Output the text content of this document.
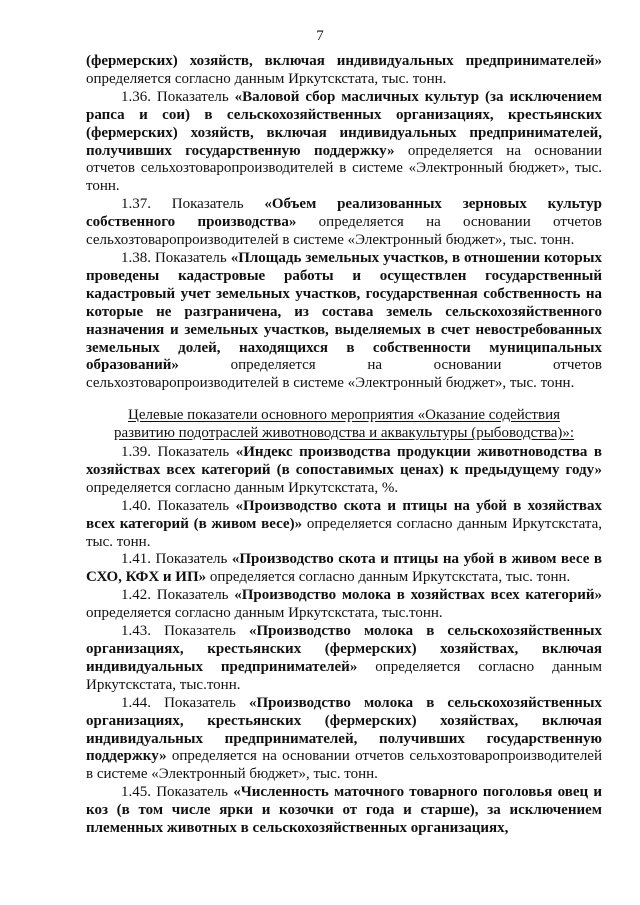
7

(фермерских) хозяйств, включая индивидуальных предпринимателей» определяется согласно данным Иркутскстата, тыс. тонн.

1.36. Показатель «Валовой сбор масличных культур (за исключением рапса и сои) в сельскохозяйственных организациях, крестьянских (фермерских) хозяйств, включая индивидуальных предпринимателей, получивших государственную поддержку» определяется на основании отчетов сельхозтоваропроизводителей в системе «Электронный бюджет», тыс. тонн.

1.37. Показатель «Объем реализованных зерновых культур собственного производства» определяется на основании отчетов сельхозтоваропроизводителей в системе «Электронный бюджет», тыс. тонн.

1.38. Показатель «Площадь земельных участков, в отношении которых проведены кадастровые работы и осуществлен государственный кадастровый учет земельных участков, государственная собственность на которые не разграничена, из состава земель сельскохозяйственного назначения и земельных участков, выделяемых в счет невостребованных земельных долей, находящихся в собственности муниципальных образований» определяется на основании отчетов сельхозтоваропроизводителей в системе «Электронный бюджет», тыс. тонн.

Целевые показатели основного мероприятия «Оказание содействия
развитию подотраслей животноводства и аквакультуры (рыбоводства)»:

1.39. Показатель «Индекс производства продукции животноводства в хозяйствах всех категорий (в сопоставимых ценах) к предыдущему году» определяется согласно данным Иркутскстата, %.

1.40. Показатель «Производство скота и птицы на убой в хозяйствах всех категорий (в живом весе)» определяется согласно данным Иркутскстата, тыс. тонн.

1.41. Показатель «Производство скота и птицы на убой в живом весе в СХО, КФХ и ИП» определяется согласно данным Иркутскстата, тыс. тонн.

1.42. Показатель «Производство молока в хозяйствах всех категорий» определяется согласно данным Иркутскстата, тыс.тонн.

1.43. Показатель «Производство молока в сельскохозяйственных организациях, крестьянских (фермерских) хозяйствах, включая индивидуальных предпринимателей» определяется согласно данным Иркутскстата, тыс.тонн.

1.44. Показатель «Производство молока в сельскохозяйственных организациях, крестьянских (фермерских) хозяйствах, включая индивидуальных предпринимателей, получивших государственную поддержку» определяется на основании отчетов сельхозтоваропроизводителей в системе «Электронный бюджет», тыс. тонн.

1.45. Показатель «Численность маточного товарного поголовья овец и коз (в том числе ярки и козочки от года и старше), за исключением племенных животных в сельскохозяйственных организациях,
